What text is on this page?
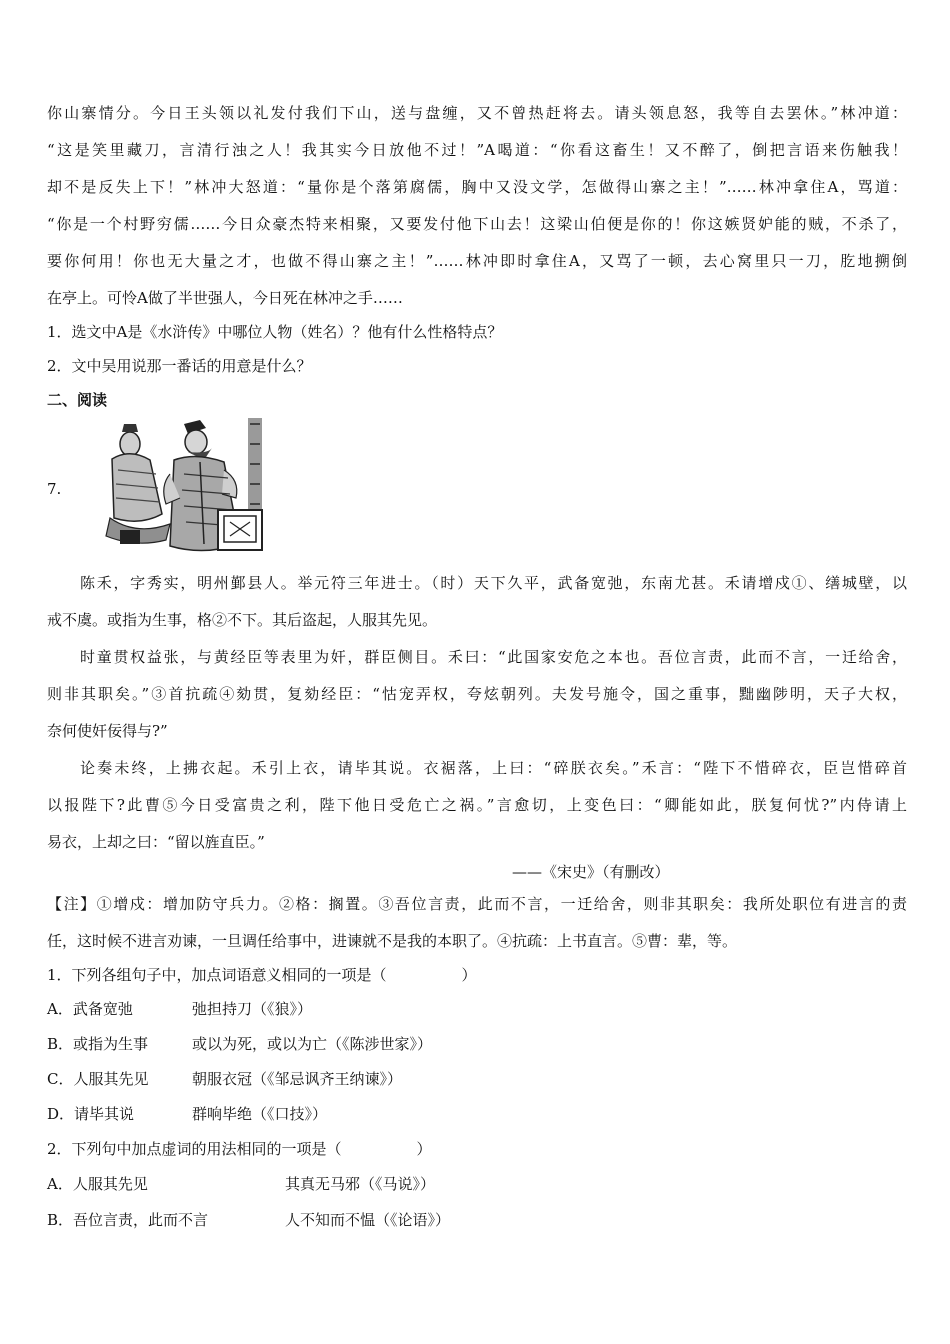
你山寨情分。今日王头领以礼发付我们下山，送与盘缠，又不曾热赶将去。请头领息怒，我等自去罢休。”林冲道：
“这是笑里藏刀，言清行浊之人！我其实今日放他不过！”A喝道：“你看这畜生！又不醉了，倒把言语来伤触我！
却不是反失上下！”林冲大怒道：“量你是个落第腐儒，胸中又没文学，怎做得山寨之主！”……林冲拿住A，骂道：
“你是一个村野穷儒……今日众豪杰特来相聚，又要发付他下山去！这梁山伯便是你的！你这嫉贤妒能的贼，不杀了，
要你何用！你也无大量之才，也做不得山寨之主！”……林冲即时拿住A，又骂了一顿，去心窝里只一刀，肐地搠倒
在亭上。可怜A做了半世强人，今日死在林冲之手……
1．选文中A是《水浒传》中哪位人物（姓名）？他有什么性格特点？
2．文中吴用说那一番话的用意是什么？
二、阅读
7.
陈禾，字秀实，明州鄞县人。举元符三年进士。（时）天下久平，武备宽弛，东南尤甚。禾请增戍①、缮城壁，以
戒不虞。或指为生事，格②不下。其后盗起，人服其先见。
时童贯权益张，与黄经臣等表里为奸，群臣侧目。禾曰：“此国家安危之本也。吾位言责，此而不言，一迁给舍，
则非其职矣。”③首抗疏④劾贯，复劾经臣：“怙宠弄权，夸炫朝列。夫发号施令，国之重事，黜幽陟明，天子大权，
奈何使奸佞得与?”
论奏未终，上拂衣起。禾引上衣，请毕其说。衣裾落，上曰：“碎朕衣矣。”禾言：“陛下不惜碎衣，臣岂惜碎首
以报陛下?此曹⑤今日受富贵之利，陛下他日受危亡之祸。”言愈切，上变色曰：“卿能如此，朕复何忧?”内侍请上
易衣，上却之曰：“留以旌直臣。”
——《宋史》（有删改）
【注】①增戍：增加防守兵力。②格：搁置。③吾位言责，此而不言，一迁给舍，则非其职矣：我所处职位有进言的责
任，这时候不进言劝谏，一旦调任给事中，进谏就不是我的本职了。④抗疏：上书直言。⑤曹：辈，等。
1．下列各组句子中，加点词语意义相同的一项是（　　　　　）
A．武备宽弛	弛担持刀（《狼》）
B．或指为生事	或以为死，或以为亡（《陈涉世家》）
C．人服其先见	朝服衣冠（《邹忌讽齐王纳谏》）
D．请毕其说	群响毕绝（《口技》）
2．下列句中加点虚词的用法相同的一项是（　　　　　）
A．人服其先见	其真无马邪（《马说》）
B．吾位言责，此而不言	人不知而不愠（《论语》）
